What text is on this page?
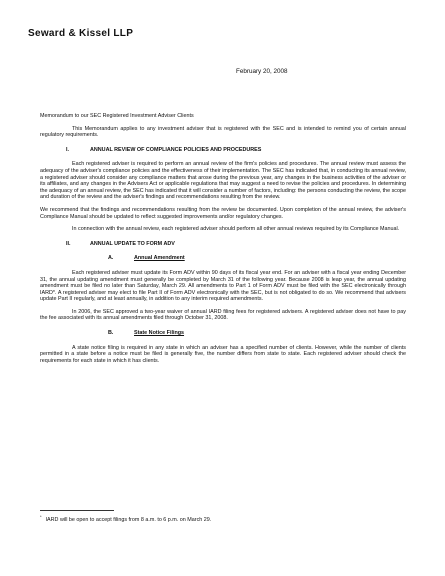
Seward & Kissel LLP
February 20, 2008

Memorandum to our SEC Registered Investment Adviser Clients

This Memorandum applies to any investment adviser that is registered with the SEC and is intended to remind you of certain annual regulatory requirements.

I.	ANNUAL REVIEW OF COMPLIANCE POLICIES AND PROCEDURES

Each registered adviser is required to perform an annual review of the firm's policies and procedures. The annual review must assess the adequacy of the adviser's compliance policies and the effectiveness of their implementation. The SEC has indicated that, in conducting its annual review, a registered adviser should consider any compliance matters that arose during the previous year, any changes in the business activities of the adviser or its affiliates, and any changes in the Advisers Act or applicable regulations that may suggest a need to revise the policies and procedures. In determining the adequacy of an annual review, the SEC has indicated that it will consider a number of factors, including: the persons conducting the review, the scope and duration of the review and the adviser's findings and recommendations resulting from the review.

We recommend that the findings and recommendations resulting from the review be documented. Upon completion of the annual review, the adviser's Compliance Manual should be updated to reflect suggested improvements and/or regulatory changes.

In connection with the annual review, each registered adviser should perform all other annual reviews required by its Compliance Manual.

II.	ANNUAL UPDATE TO FORM ADV
A.	Annual Amendment

Each registered adviser must update its Form ADV within 90 days of its fiscal year end. For an adviser with a fiscal year ending December 31, the annual updating amendment must generally be completed by March 31 of the following year. Because 2008 is leap year, the annual updating amendment must be filed no later than Saturday, March 29. All amendments to Part 1 of Form ADV must be filed with the SEC electronically through IARD*. A registered adviser may elect to file Part II of Form ADV electronically with the SEC, but is not obligated to do so. We recommend that advisers update Part II regularly, and at least annually, in addition to any interim required amendments.

In 2006, the SEC approved a two-year waiver of annual IARD filing fees for registered advisers. A registered adviser does not have to pay the fee associated with its annual amendments filed through October 31, 2008.

B.	State Notice Filings

A state notice filing is required in any state in which an adviser has a specified number of clients. However, while the number of clients permitted in a state before a notice must be filed is generally five, the number differs from state to state. Each registered adviser should check the requirements for each state in which it has clients.

*IARD will be open to accept filings from 8 a.m. to 6 p.m. on March 29.
